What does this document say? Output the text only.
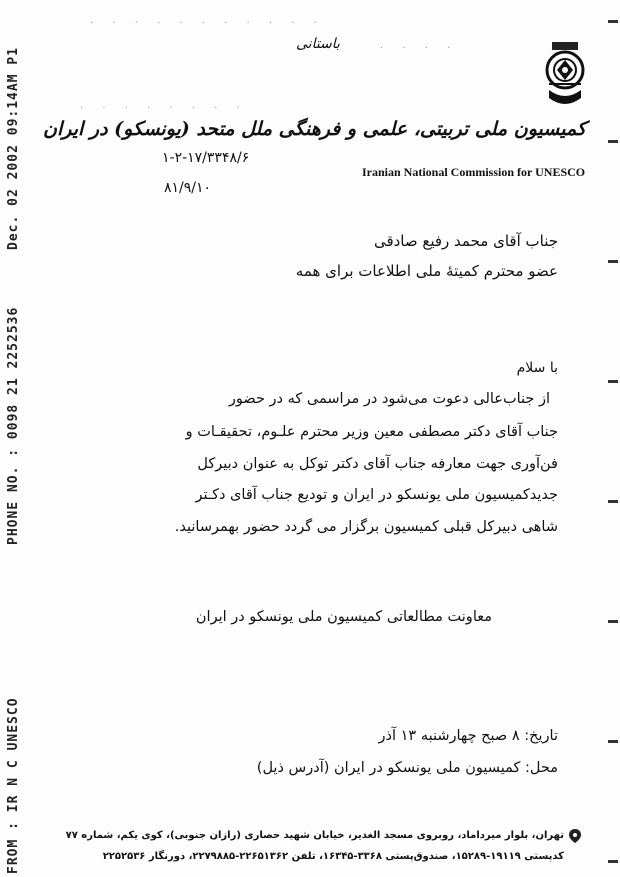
Dec. 02 2002 09:14AM P1
PHONE NO. : 0098 21 2252536
FROM : IR N C UNESCO
. . . . . . . .
. . . .
. . . . . . . . . . .
باستانی
کمیسیون ملی تربیتی، علمی و فرهنگی ملل متحد (یونسکو) در ایران
Iranian National Commission for UNESCO
۱-۲-۱۷/۳۳۴۸/۶
۸۱/۹/۱۰
جناب آقای محمد رفیع صادقی
عضو محترم کمیتهٔ ملی اطلاعات برای همه
با سلام
از جناب‌عالی دعوت می‌شود در مراسمی که در حضور
جناب آقای دکتر مصطفی معین وزیر محترم علـوم، تحقیقـات و
فن‌آوری جهت معارفه جناب آقای دکتر توکل به عنوان دبیرکل
جدیدکمیسیون ملی یونسکو در ایران و تودیع جناب آقای دکـتر
شاهی دبیرکل قبلی کمیسیون برگزار می گردد حضور بهمرسانید.
معاونت مطالعاتی کمیسیون ملی یونسکو در ایران
تاریخ: ۸ صبح چهارشنبه ۱۳ آذر
محل: کمیسیون ملی یونسکو در ایران (آدرس ذیل)
تهران، بلوار میرداماد، روبروی مسجد الغدیر، خیابان شهید حصاری (رازان جنوبی)، کوی یکم، شماره ۷۷
کدپستی ۱۹۱۱۹-۱۵۲۸۹، صندوق‌پستی ۳۳۶۸-۱۶۳۴۵، تلفن ۲۲۶۵۱۳۶۲-۲۲۷۹۸۸۵، دورنگار ۲۲۵۲۵۳۶
